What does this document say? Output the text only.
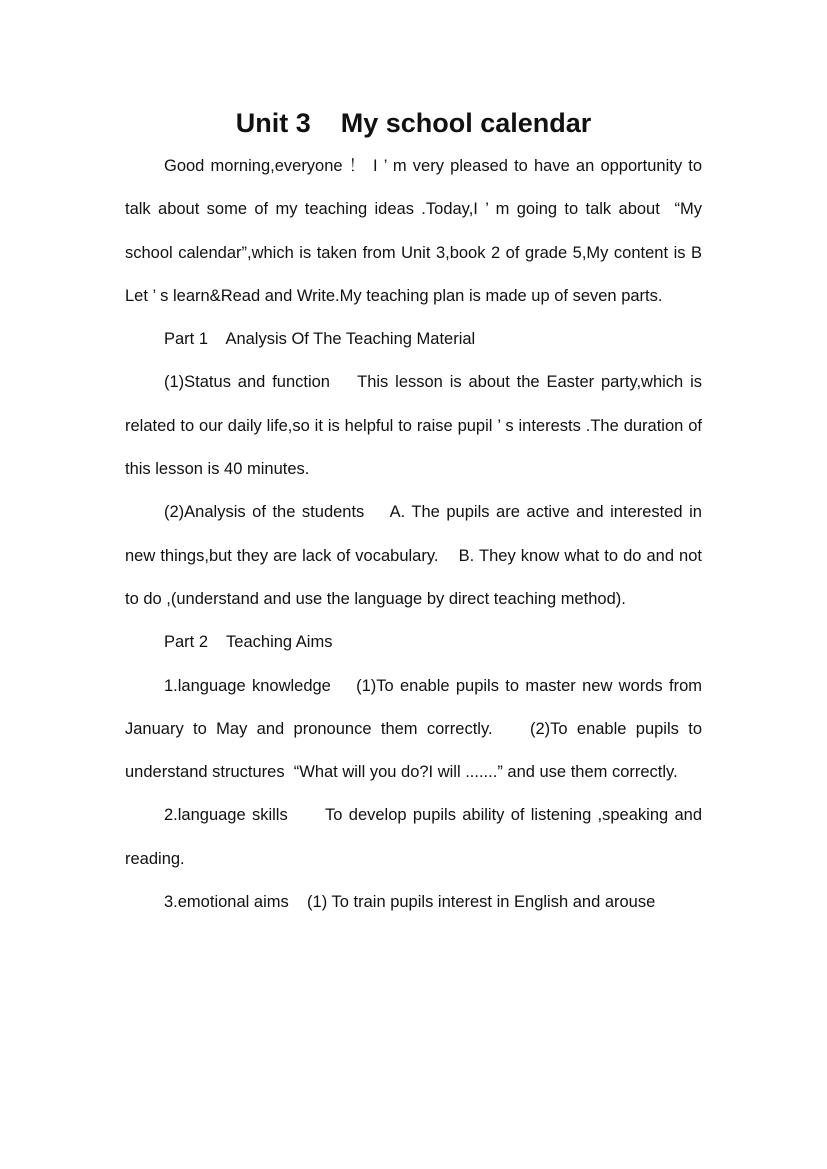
Unit 3    My school calendar

Good morning,everyone ！ I ’ m very pleased to have an opportunity to talk about some of my teaching ideas .Today,I ’ m going to talk about  “My school calendar”,which is taken from Unit 3,book 2 of grade 5,My content is B Let ’ s learn&Read and Write.My teaching plan is made up of seven parts.

Part 1    Analysis Of The Teaching Material

(1)Status and function    This lesson is about the Easter party,which is related to our daily life,so it is helpful to raise pupil ’ s interests .The duration of this lesson is 40 minutes.

(2)Analysis of the students    A. The pupils are active and interested in new things,but they are lack of vocabulary.    B. They know what to do and not to do ,(understand and use the language by direct teaching method).

Part 2    Teaching Aims

1.language knowledge    (1)To enable pupils to master new words from January to May and pronounce them correctly.    (2)To enable pupils to understand structures  “What will you do?I will .......” and use them correctly.

2.language skills      To develop pupils ability of listening ,speaking and reading.

3.emotional aims    (1) To train pupils interest in English and arouse
